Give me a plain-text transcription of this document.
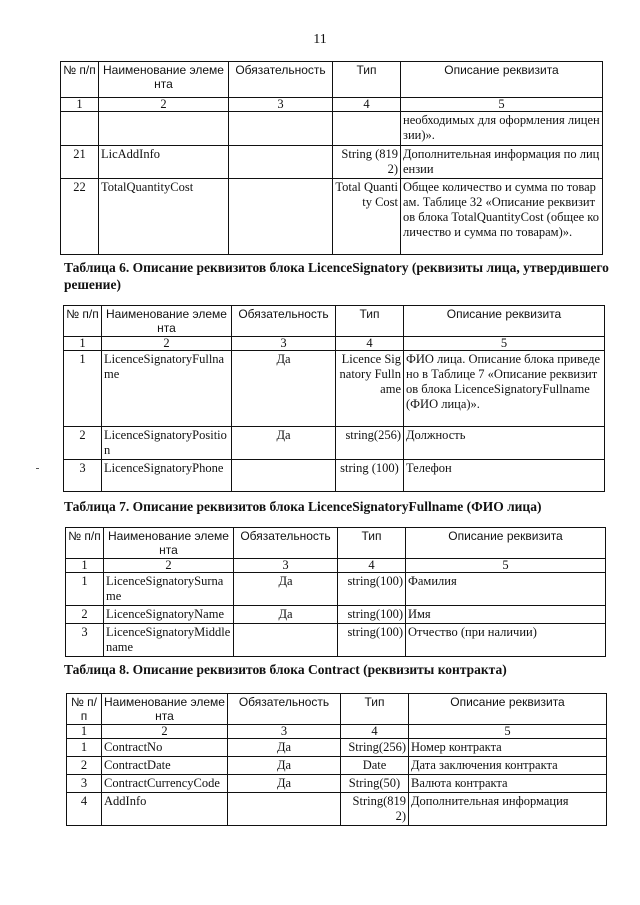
11
№ п/п	Наименование элемента	Обязательность	Тип	Описание реквизита
1	2	3	4	5
				необходимых для оформления лицензии)».
21	LicAddInfo		String (8192)	Дополнительная информация по лицензии
22	TotalQuantityCost		Total Quantity Cost	Общее количество и сумма по товарам. Таблице 32 «Описание реквизитов блока TotalQuantityCost (общее количество и сумма по товарам)».
Таблица 6. Описание реквизитов блока LicenceSignatory (реквизиты лица, утвердившего решение)
№ п/п	Наименование элемента	Обязательность	Тип	Описание реквизита
1	2	3	4	5
1	LicenceSignatoryFullname	Да	Licence Signatory Fullname	ФИО лица. Описание блока приведено в Таблице 7 «Описание реквизитов блока LicenceSignatoryFullname (ФИО лица)».
2	LicenceSignatoryPosition	Да	string(256)	Должность
3	LicenceSignatoryPhone		string (100)	Телефон
Таблица 7. Описание реквизитов блока LicenceSignatoryFullname (ФИО лица)
№ п/п	Наименование элемента	Обязательность	Тип	Описание реквизита
1	2	3	4	5
1	LicenceSignatorySurname	Да	string(100)	Фамилия
2	LicenceSignatoryName	Да	string(100)	Имя
3	LicenceSignatoryMiddlename		string(100)	Отчество (при наличии)
Таблица 8. Описание реквизитов блока Contract (реквизиты контракта)
№ п/п	Наименование элемента	Обязательность	Тип	Описание реквизита
1	2	3	4	5
1	ContractNo	Да	String(256)	Номер контракта
2	ContractDate	Да	Date	Дата заключения контракта
3	ContractCurrencyCode	Да	String(50)	Валюта контракта
4	AddInfo		String(8192)	Дополнительная информация
